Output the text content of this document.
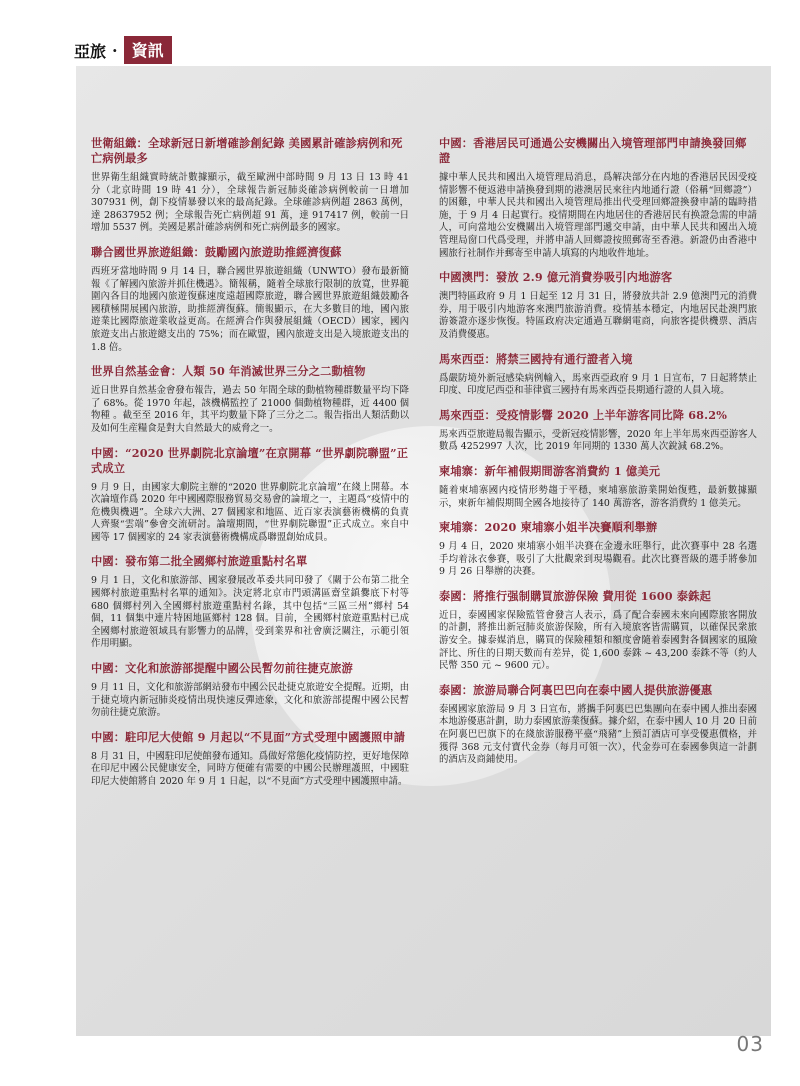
亞旅 · 資訊
世衛組織：全球新冠日新增確診創紀錄 美國累計確診病例和死亡病例最多

世界衛生組織實時統計數據顯示，截至歐洲中部時間 9 月 13 日 13 時 41 分（北京時間 19 時 41 分），全球報告新冠肺炎確診病例較前一日增加 307931 例，創下疫情暴發以來的最高紀錄。全球確診病例超 2863 萬例，達 28637952 例；全球報告死亡病例超 91 萬，達 917417 例，較前一日增加 5537 例。美國是累計確診病例和死亡病例最多的國家。

聯合國世界旅遊組織：鼓勵國內旅遊助推經濟復蘇

西班牙當地時間 9 月 14 日，聯合國世界旅遊組織（UNWTO）發布最新簡報《了解國內旅游并抓住機遇》。簡報稱，隨着全球旅行限制的放寬，世界範圍內各目的地國內旅遊復蘇速度遠超國際旅遊，聯合國世界旅遊組織鼓勵各國積極開展國內旅游，助推經濟復蘇。簡報顯示，在大多數目的地，國內旅遊業比國際旅遊業收益更高。在經濟合作與發展組織（OECD）國家，國內旅遊支出占旅遊總支出的 75%；而在歐盟，國內旅遊支出是入境旅遊支出的 1.8 倍。

世界自然基金會：人類 50 年消滅世界三分之二動植物

近日世界自然基金會發布報告，過去 50 年間全球的動植物種群數量平均下降了 68%。從 1970 年起，該機構監控了 21000 個動植物種群，近 4400 個物種 。截至至 2016 年，其平均數量下降了三分之二。報告指出人類活動以及如何生産糧食是對大自然最大的威脅之一。

中國：“2020 世界劇院北京論壇”在京開幕 “世界劇院聯盟”正式成立

9 月 9 日，由國家大劇院主辦的“2020 世界劇院北京論壇”在綫上開幕。本次論壇作爲 2020 年中國國際服務貿易交易會的論壇之一，主題爲“疫情中的危機與機遇”。全球六大洲、27 個國家和地區、近百家表演藝術機構的負責人齊聚“雲端”參會交流研討。論壇期間，“世界劇院聯盟”正式成立。來自中國等 17 個國家的 24 家表演藝術機構成爲聯盟創始成員。

中國：發布第二批全國鄉村旅遊重點村名單

9 月 1 日，文化和旅游部、國家發展改革委共同印發了《關于公布第二批全國鄉村旅遊重點村名單的通知》。決定將北京市門頭溝區齋堂鎮爨底下村等 680 個鄉村列入全國鄉村旅遊重點村名錄，其中包括“三區三州”鄉村 54 個，11 個集中連片特困地區鄉村 128 個。目前，全國鄉村旅遊重點村已成全國鄉村旅遊領域具有影響力的品牌，受到業界和社會廣泛關注，示範引領作用明顯。

中國：文化和旅游部提醒中國公民暫勿前往捷克旅游

9 月 11 日，文化和旅游部網站發布中國公民赴捷克旅遊安全提醒。近期，由于捷克境内新冠肺炎疫情出現快速反彈迹象，文化和旅游部提醒中國公民暫勿前往捷克旅游。

中國：駐印尼大使館 9 月起以“不見面”方式受理中國護照申請

8 月 31 日，中國駐印尼使館發布通知。爲做好常態化疫情防控，更好地保障在印尼中國公民健康安全，同時方便確有需要的中國公民辦理護照，中國駐印尼大使館將自 2020 年 9 月 1 日起，以“不見面”方式受理中國護照申請。

中國：香港居民可通過公安機關出入境管理部門申請換發回鄉證

據中華人民共和國出入境管理局消息，爲解决部分在内地的香港居民因受疫情影響不便返港申請換發到期的港澳居民來往内地通行證（俗稱“回鄉證”）的困難，中華人民共和國出入境管理局推出代受理回鄉證換發申請的臨時措施，于 9 月 4 日起實行。疫情期間在内地居住的香港居民有换證急需的申請人，可向當地公安機關出入境管理部門遞交申請，由中華人民共和國出入境管理局窗口代爲受理，并將申請人回鄉證按照郵寄至香港。新證仍由香港中國旅行社制作并郵寄至申請人填寫的内地收件地址。

中國澳門：發放 2.9 億元消費券吸引内地游客

澳門特區政府 9 月 1 日起至 12 月 31 日，將發放共計 2.9 億澳門元的消費券，用于吸引内地游客來澳門旅游消費。疫情基本穩定，内地居民赴澳門旅游簽證亦逐步恢復。特區政府决定通過互聯網電商，向旅客提供機票、酒店及消費優惠。

馬來西亞：將禁三國持有通行證者入境

爲嚴防境外新冠感染病例輸入，馬來西亞政府 9 月 1 日宣布，7 日起將禁止印度、印度尼西亞和菲律賓三國持有馬來西亞長期通行證的人員入境。

馬來西亞：受疫情影響 2020 上半年游客同比降 68.2%

馬來西亞旅遊局報告顯示，受新冠疫情影響，2020 年上半年馬來西亞游客人數爲 4252997 人次，比 2019 年同期的 1330 萬人次銳減 68.2%。

柬埔寨：新年補假期間游客消費約 1 億美元

隨着柬埔寨國内疫情形勢趨于平穩，柬埔寨旅游業開始復甦，最新數據顯示，柬新年補假期間全國各地接待了 140 萬游客，游客消費約 1 億美元。

柬埔寨：2020 柬埔寨小姐半决賽順利舉辦

9 月 4 日，2020 柬埔寨小姐半决賽在金邊永旺舉行，此次賽事中 28 名選手均着泳衣參賽，吸引了大批觀衆到現場觀看。此次比賽晋級的選手將參加 9 月 26 日舉辦的决賽。

泰國：將推行强制購買旅游保險 費用從 1600 泰銖起

近日，泰國國家保險監管會發言人表示，爲了配合泰國未來向國際旅客開放的計劃，將推出新冠肺炎旅游保險，所有入境旅客皆需購買，以確保民衆旅游安全。據泰媒消息，購買的保險種類和額度會隨着泰國對各個國家的風險評比、所住的日期天數而有差异，從 1,600 泰銖 ~ 43,200 泰銖不等（約人民幣 350 元 ~ 9600 元）。

泰國：旅游局聯合阿裏巴巴向在泰中國人提供旅游優惠

泰國國家旅游局 9 月 3 日宣布，將攜手阿裏巴巴集團向在泰中國人推出泰國本地游優惠計劃，助力泰國旅游業復蘇。據介紹，在泰中國人 10 月 20 日前在阿裏巴巴旗下的在綫旅游服務平臺“飛豬”上預訂酒店可享受優惠價格，并獲得 368 元支付寶代金券（每月可領一次），代金券可在泰國參與這一計劃的酒店及商鋪使用。

03
